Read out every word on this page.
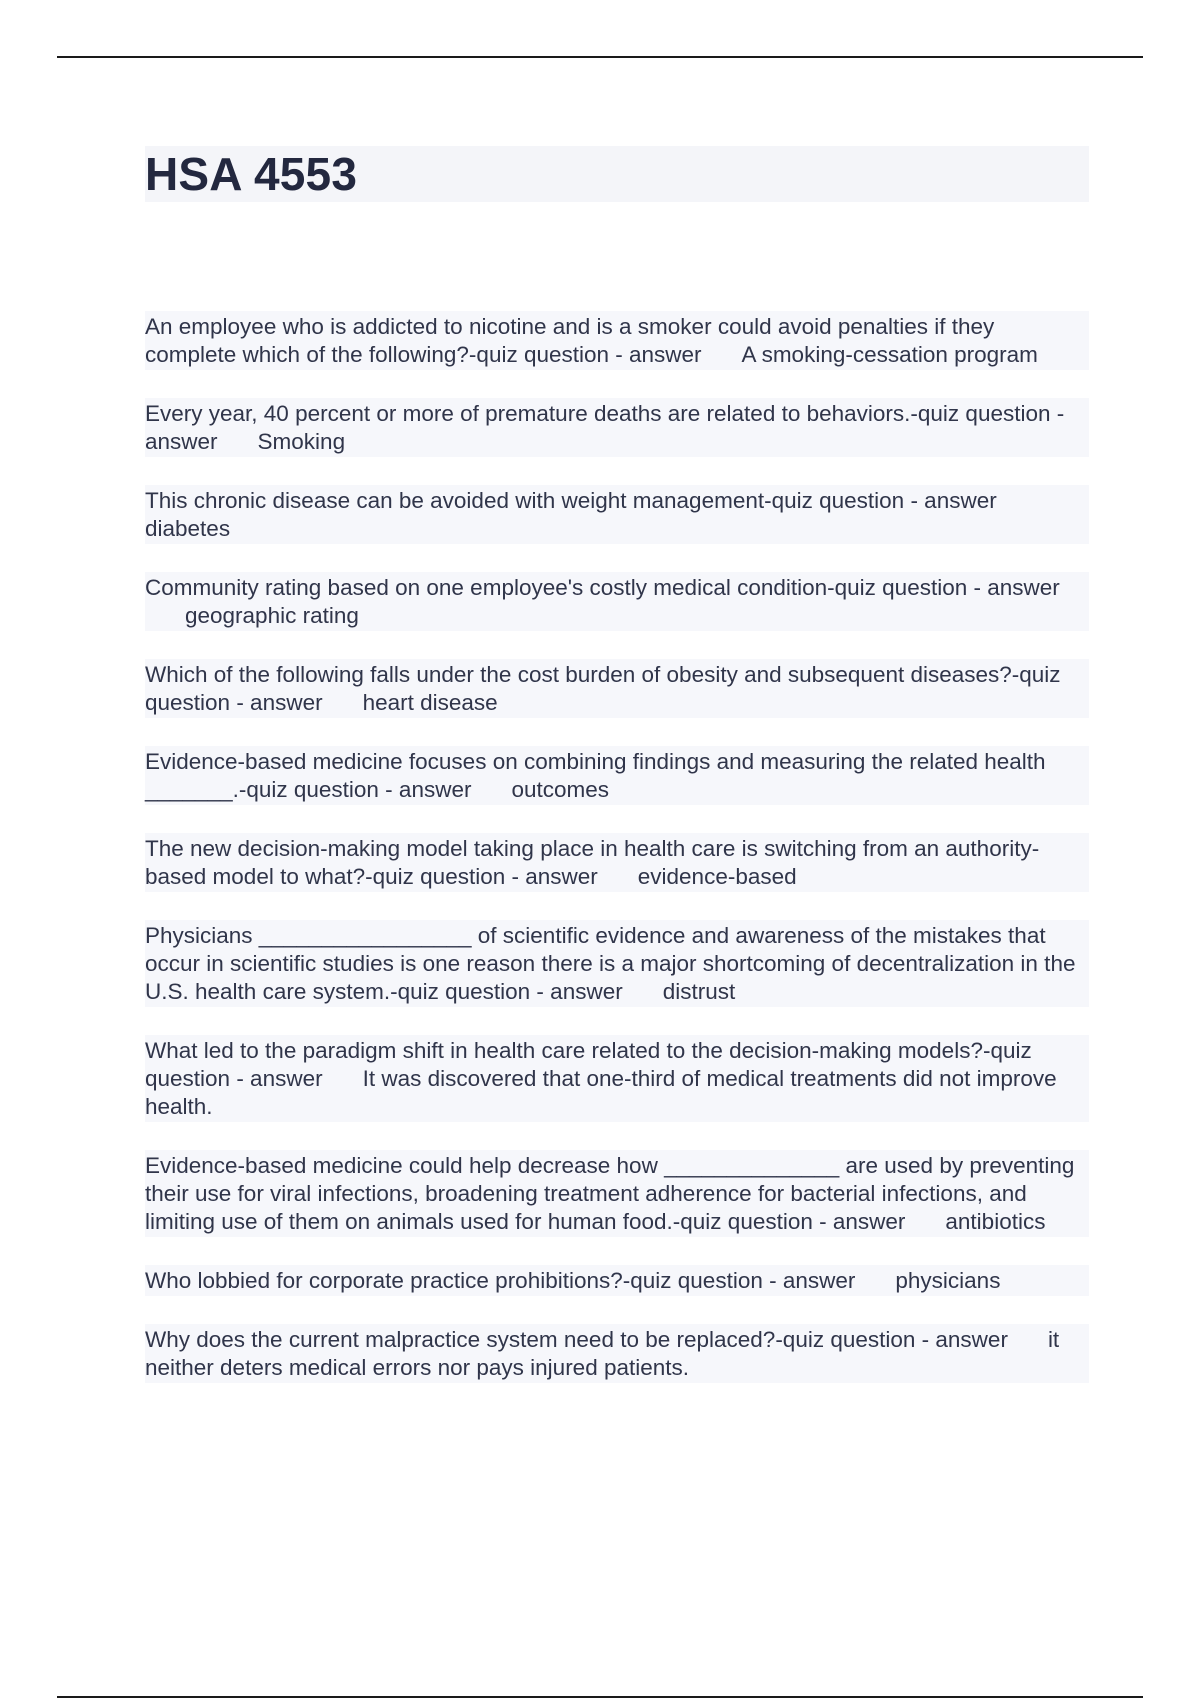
HSA 4553
An employee who is addicted to nicotine and is a smoker could avoid penalties if they complete which of the following?-quiz question - answer A smoking-cessation program
Every year, 40 percent or more of premature deaths are related to behaviors.-quiz question - answer Smoking
This chronic disease can be avoided with weight management-quiz question - answerdiabetes
Community rating based on one employee's costly medical condition-quiz question - answergeographic rating
Which of the following falls under the cost burden of obesity and subsequent diseases?-quiz question - answer heart disease
Evidence-based medicine focuses on combining findings and measuring the related health _______.-quiz question - answer outcomes
The new decision-making model taking place in health care is switching from an authority-based model to what?-quiz question - answer evidence-based
Physicians _________________ of scientific evidence and awareness of the mistakes that occur in scientific studies is one reason there is a major shortcoming of decentralization in the U.S. health care system.-quiz question - answer distrust
What led to the paradigm shift in health care related to the decision-making models?-quiz question - answer It was discovered that one-third of medical treatments did not improve health.
Evidence-based medicine could help decrease how ______________ are used by preventing their use for viral infections, broadening treatment adherence for bacterial infections, and limiting use of them on animals used for human food.-quiz question - answer antibiotics
Who lobbied for corporate practice prohibitions?-quiz question - answer physicians
Why does the current malpractice system need to be replaced?-quiz question - answer it neither deters medical errors nor pays injured patients.
